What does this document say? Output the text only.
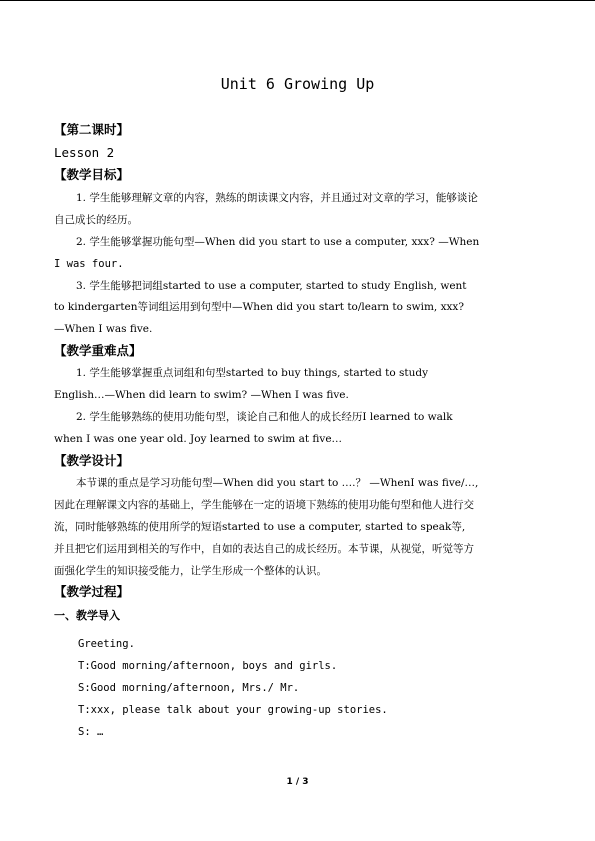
Unit 6 Growing Up
【第二课时】
Lesson 2
【教学目标】
1. 学生能够理解文章的内容，熟练的朗读课文内容，并且通过对文章的学习，能够谈论
自己成长的经历。
2. 学生能够掌握功能句型—When did you start to use a computer, xxx? —When
I was four.
3. 学生能够把词组started to use a computer, started to study English, went
to kindergarten等词组运用到句型中—When did you start to/learn to swim, xxx?
—When I was five.
【教学重难点】
1. 学生能够掌握重点词组和句型started to buy things, started to study
English…—When did learn to swim? —When I was five.
2. 学生能够熟练的使用功能句型，谈论自己和他人的成长经历I learned to walk
when I was one year old. Joy learned to swim at five…
【教学设计】
本节课的重点是学习功能句型—When did you start to ….？ —WhenI was five/…,
因此在理解课文内容的基础上，学生能够在一定的语境下熟练的使用功能句型和他人进行交
流，同时能够熟练的使用所学的短语started to use a computer, started to speak等,
并且把它们运用到相关的写作中，自如的表达自己的成长经历。本节课，从视觉，听觉等方
面强化学生的知识接受能力，让学生形成一个整体的认识。
【教学过程】
一、教学导入
Greeting.
T:Good morning/afternoon, boys and girls.
S:Good morning/afternoon, Mrs./ Mr.
T:xxx, please talk about your growing-up stories.
S: …
1 / 3
